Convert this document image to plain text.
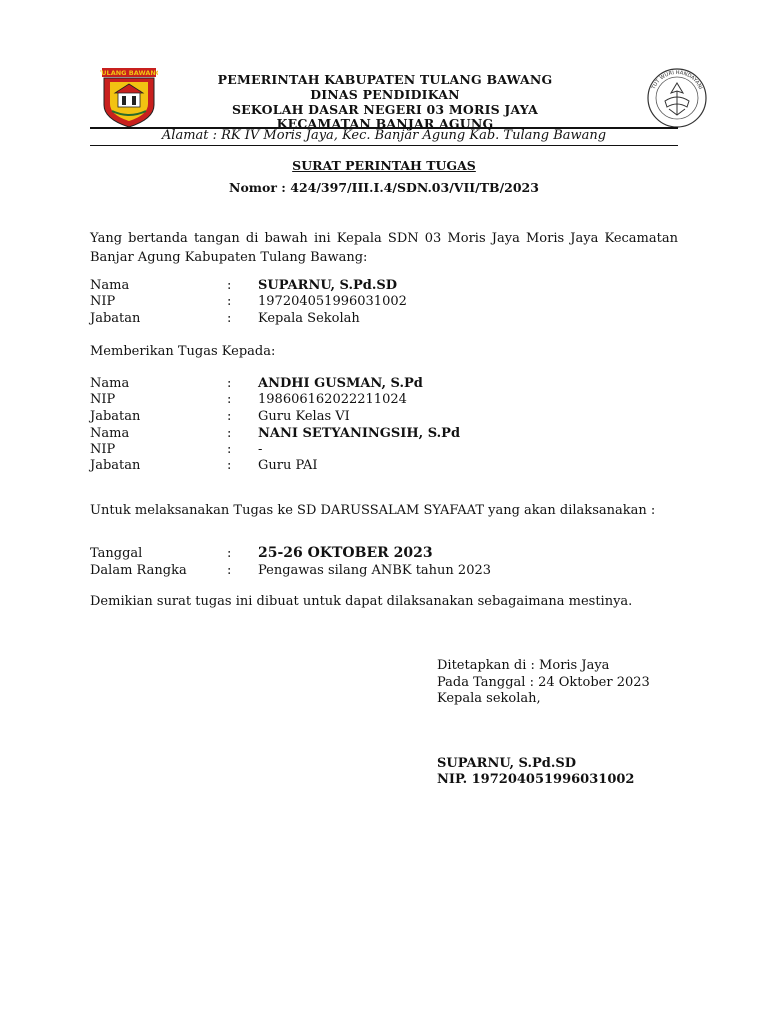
TULANG BAWANG
TUT WURI HANDAYANI
PEMERINTAH KABUPATEN TULANG BAWANG
DINAS PENDIDIKAN
SEKOLAH DASAR NEGERI 03 MORIS JAYA
KECAMATAN BANJAR AGUNG
Alamat : RK IV Moris Jaya, Kec. Banjar Agung Kab. Tulang Bawang
SURAT PERINTAH TUGAS
Nomor : 424/397/III.I.4/SDN.03/VII/TB/2023
Yang bertanda tangan di bawah ini Kepala SDN 03 Moris Jaya Moris Jaya Kecamatan Banjar Agung Kabupaten Tulang Bawang:
Nama	: SUPARNU, S.Pd.SD
NIP	: 197204051996031002
Jabatan	: Kepala Sekolah
Memberikan Tugas Kepada:
Nama	: ANDHI GUSMAN, S.Pd
NIP	: 198606162022211024
Jabatan	: Guru Kelas VI
Nama	: NANI SETYANINGSIH, S.Pd
NIP	: -
Jabatan	: Guru PAI
Untuk melaksanakan Tugas ke SD DARUSSALAM SYAFAAT yang akan dilaksanakan :
Tanggal	: 25-26 OKTOBER 2023
Dalam Rangka	: Pengawas silang ANBK tahun 2023
Demikian surat tugas ini dibuat untuk dapat dilaksanakan sebagaimana mestinya.
Ditetapkan di : Moris Jaya
Pada Tanggal : 24 Oktober 2023
Kepala sekolah,
SUPARNU, S.Pd.SD
NIP. 197204051996031002
